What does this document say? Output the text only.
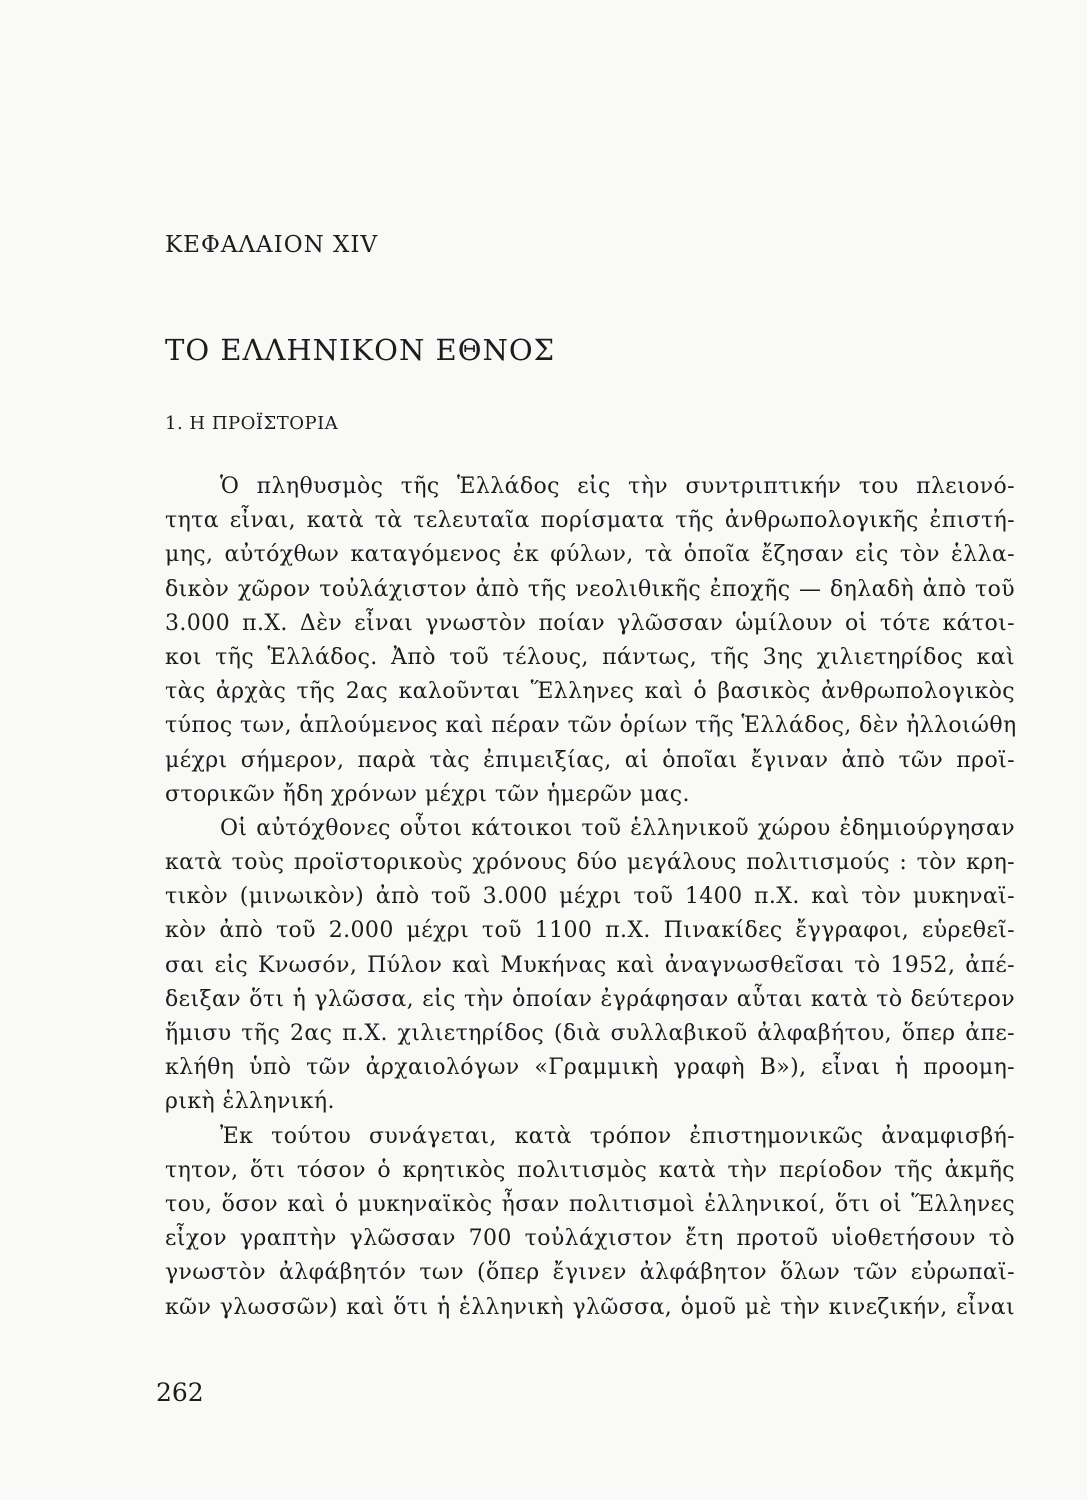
ΚΕΦΑΛΑΙΟΝ XIV
ΤΟ ΕΛΛΗΝΙΚΟΝ ΕΘΝΟΣ
1. Η ΠΡΟΪΣΤΟΡΙΑ
Ὁ πληθυσμὸς τῆς Ἑλλάδος εἰς τὴν συντριπτικήν του πλειονό-
τητα εἶναι, κατὰ τὰ τελευταῖα πορίσματα τῆς ἀνθρωπολογικῆς ἐπιστή-
μης, αὐτόχθων καταγόμενος ἐκ φύλων, τὰ ὁποῖα ἔζησαν εἰς τὸν ἑλλα-
δικὸν χῶρον τοὐλάχιστον ἀπὸ τῆς νεολιθικῆς ἐποχῆς — δηλαδὴ ἀπὸ τοῦ
3.000 π.Χ. Δὲν εἶναι γνωστὸν ποίαν γλῶσσαν ὡμίλουν οἱ τότε κάτοι-
κοι τῆς Ἑλλάδος. Ἀπὸ τοῦ τέλους, πάντως, τῆς 3ης χιλιετηρίδος καὶ
τὰς ἀρχὰς τῆς 2ας καλοῦνται Ἕλληνες καὶ ὁ βασικὸς ἀνθρωπολογικὸς
τύπος των, ἁπλούμενος καὶ πέραν τῶν ὁρίων τῆς Ἑλλάδος, δὲν ἠλλοιώθη
μέχρι σήμερον, παρὰ τὰς ἐπιμειξίας, αἱ ὁποῖαι ἔγιναν ἀπὸ τῶν προϊ-
στορικῶν ἤδη χρόνων μέχρι τῶν ἡμερῶν μας.
Οἱ αὐτόχθονες οὗτοι κάτοικοι τοῦ ἑλληνικοῦ χώρου ἐδημιούργησαν
κατὰ τοὺς προϊστορικοὺς χρόνους δύο μεγάλους πολιτισμούς : τὸν κρη-
τικὸν (μινωικὸν) ἀπὸ τοῦ 3.000 μέχρι τοῦ 1400 π.Χ. καὶ τὸν μυκηναϊ-
κὸν ἀπὸ τοῦ 2.000 μέχρι τοῦ 1100 π.Χ. Πινακίδες ἔγγραφοι, εὑρεθεῖ-
σαι εἰς Κνωσόν, Πύλον καὶ Μυκήνας καὶ ἀναγνωσθεῖσαι τὸ 1952, ἀπέ-
δειξαν ὅτι ἡ γλῶσσα, εἰς τὴν ὁποίαν ἐγράφησαν αὗται κατὰ τὸ δεύτερον
ἥμισυ τῆς 2ας π.Χ. χιλιετηρίδος (διὰ συλλαβικοῦ ἀλφαβήτου, ὅπερ ἀπε-
κλήθη ὑπὸ τῶν ἀρχαιολόγων «Γραμμικὴ γραφὴ Β»), εἶναι ἡ προομη-
ρικὴ ἑλληνική.
Ἐκ τούτου συνάγεται, κατὰ τρόπον ἐπιστημονικῶς ἀναμφισβή-
τητον, ὅτι τόσον ὁ κρητικὸς πολιτισμὸς κατὰ τὴν περίοδον τῆς ἀκμῆς
του, ὅσον καὶ ὁ μυκηναϊκὸς ἦσαν πολιτισμοὶ ἑλληνικοί, ὅτι οἱ Ἕλληνες
εἶχον γραπτὴν γλῶσσαν 700 τοὐλάχιστον ἔτη προτοῦ υἱοθετήσουν τὸ
γνωστὸν ἀλφάβητόν των (ὅπερ ἔγινεν ἀλφάβητον ὅλων τῶν εὐρωπαϊ-
κῶν γλωσσῶν) καὶ ὅτι ἡ ἑλληνικὴ γλῶσσα, ὁμοῦ μὲ τὴν κινεζικήν, εἶναι
262
